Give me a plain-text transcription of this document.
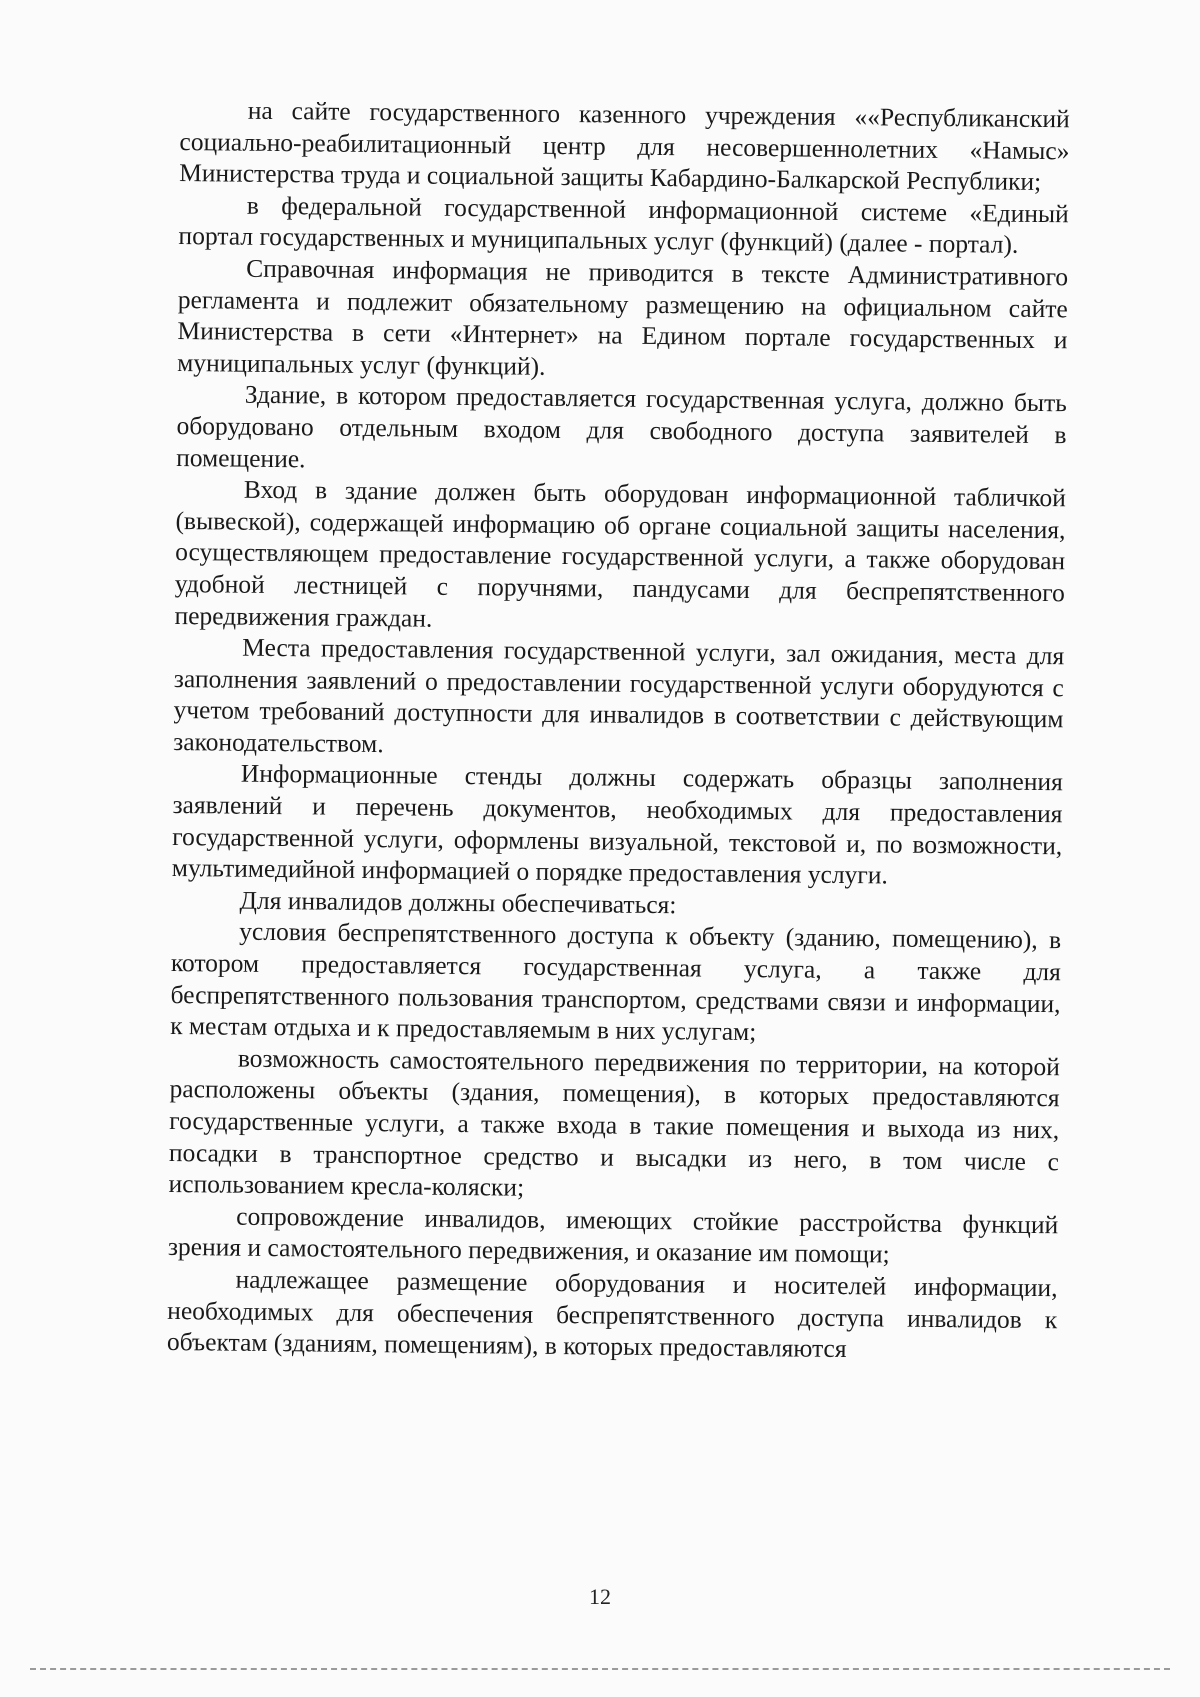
на сайте государственного казенного учреждения ««Республиканский социально-реабилитационный центр для несовершеннолетних «Намыс» Министерства труда и социальной защиты Кабардино-Балкарской Республики;

в федеральной государственной информационной системе «Единый портал государственных и муниципальных услуг (функций) (далее - портал).

Справочная информация не приводится в тексте Административного регламента и подлежит обязательному размещению на официальном сайте Министерства в сети «Интернет» на Едином портале государственных и муниципальных услуг (функций).

Здание, в котором предоставляется государственная услуга, должно быть оборудовано отдельным входом для свободного доступа заявителей в помещение.

Вход в здание должен быть оборудован информационной табличкой (вывеской), содержащей информацию об органе социальной защиты населения, осуществляющем предоставление государственной услуги, а также оборудован удобной лестницей с поручнями, пандусами для беспрепятственного передвижения граждан.

Места предоставления государственной услуги, зал ожидания, места для заполнения заявлений о предоставлении государственной услуги оборудуются с учетом требований доступности для инвалидов в соответствии с действующим законодательством.

Информационные стенды должны содержать образцы заполнения заявлений и перечень документов, необходимых для предоставления государственной услуги, оформлены визуальной, текстовой и, по возможности, мультимедийной информацией о порядке предоставления услуги.

Для инвалидов должны обеспечиваться:

условия беспрепятственного доступа к объекту (зданию, помещению), в котором предоставляется государственная услуга, а также для беспрепятственного пользования транспортом, средствами связи и информации, к местам отдыха и к предоставляемым в них услугам;

возможность самостоятельного передвижения по территории, на которой расположены объекты (здания, помещения), в которых предоставляются государственные услуги, а также входа в такие помещения и выхода из них, посадки в транспортное средство и высадки из него, в том числе с использованием кресла-коляски;

сопровождение инвалидов, имеющих стойкие расстройства функций зрения и самостоятельного передвижения, и оказание им помощи;

надлежащее размещение оборудования и носителей информации, необходимых для обеспечения беспрепятственного доступа инвалидов к объектам (зданиям, помещениям), в которых предоставляются

12
